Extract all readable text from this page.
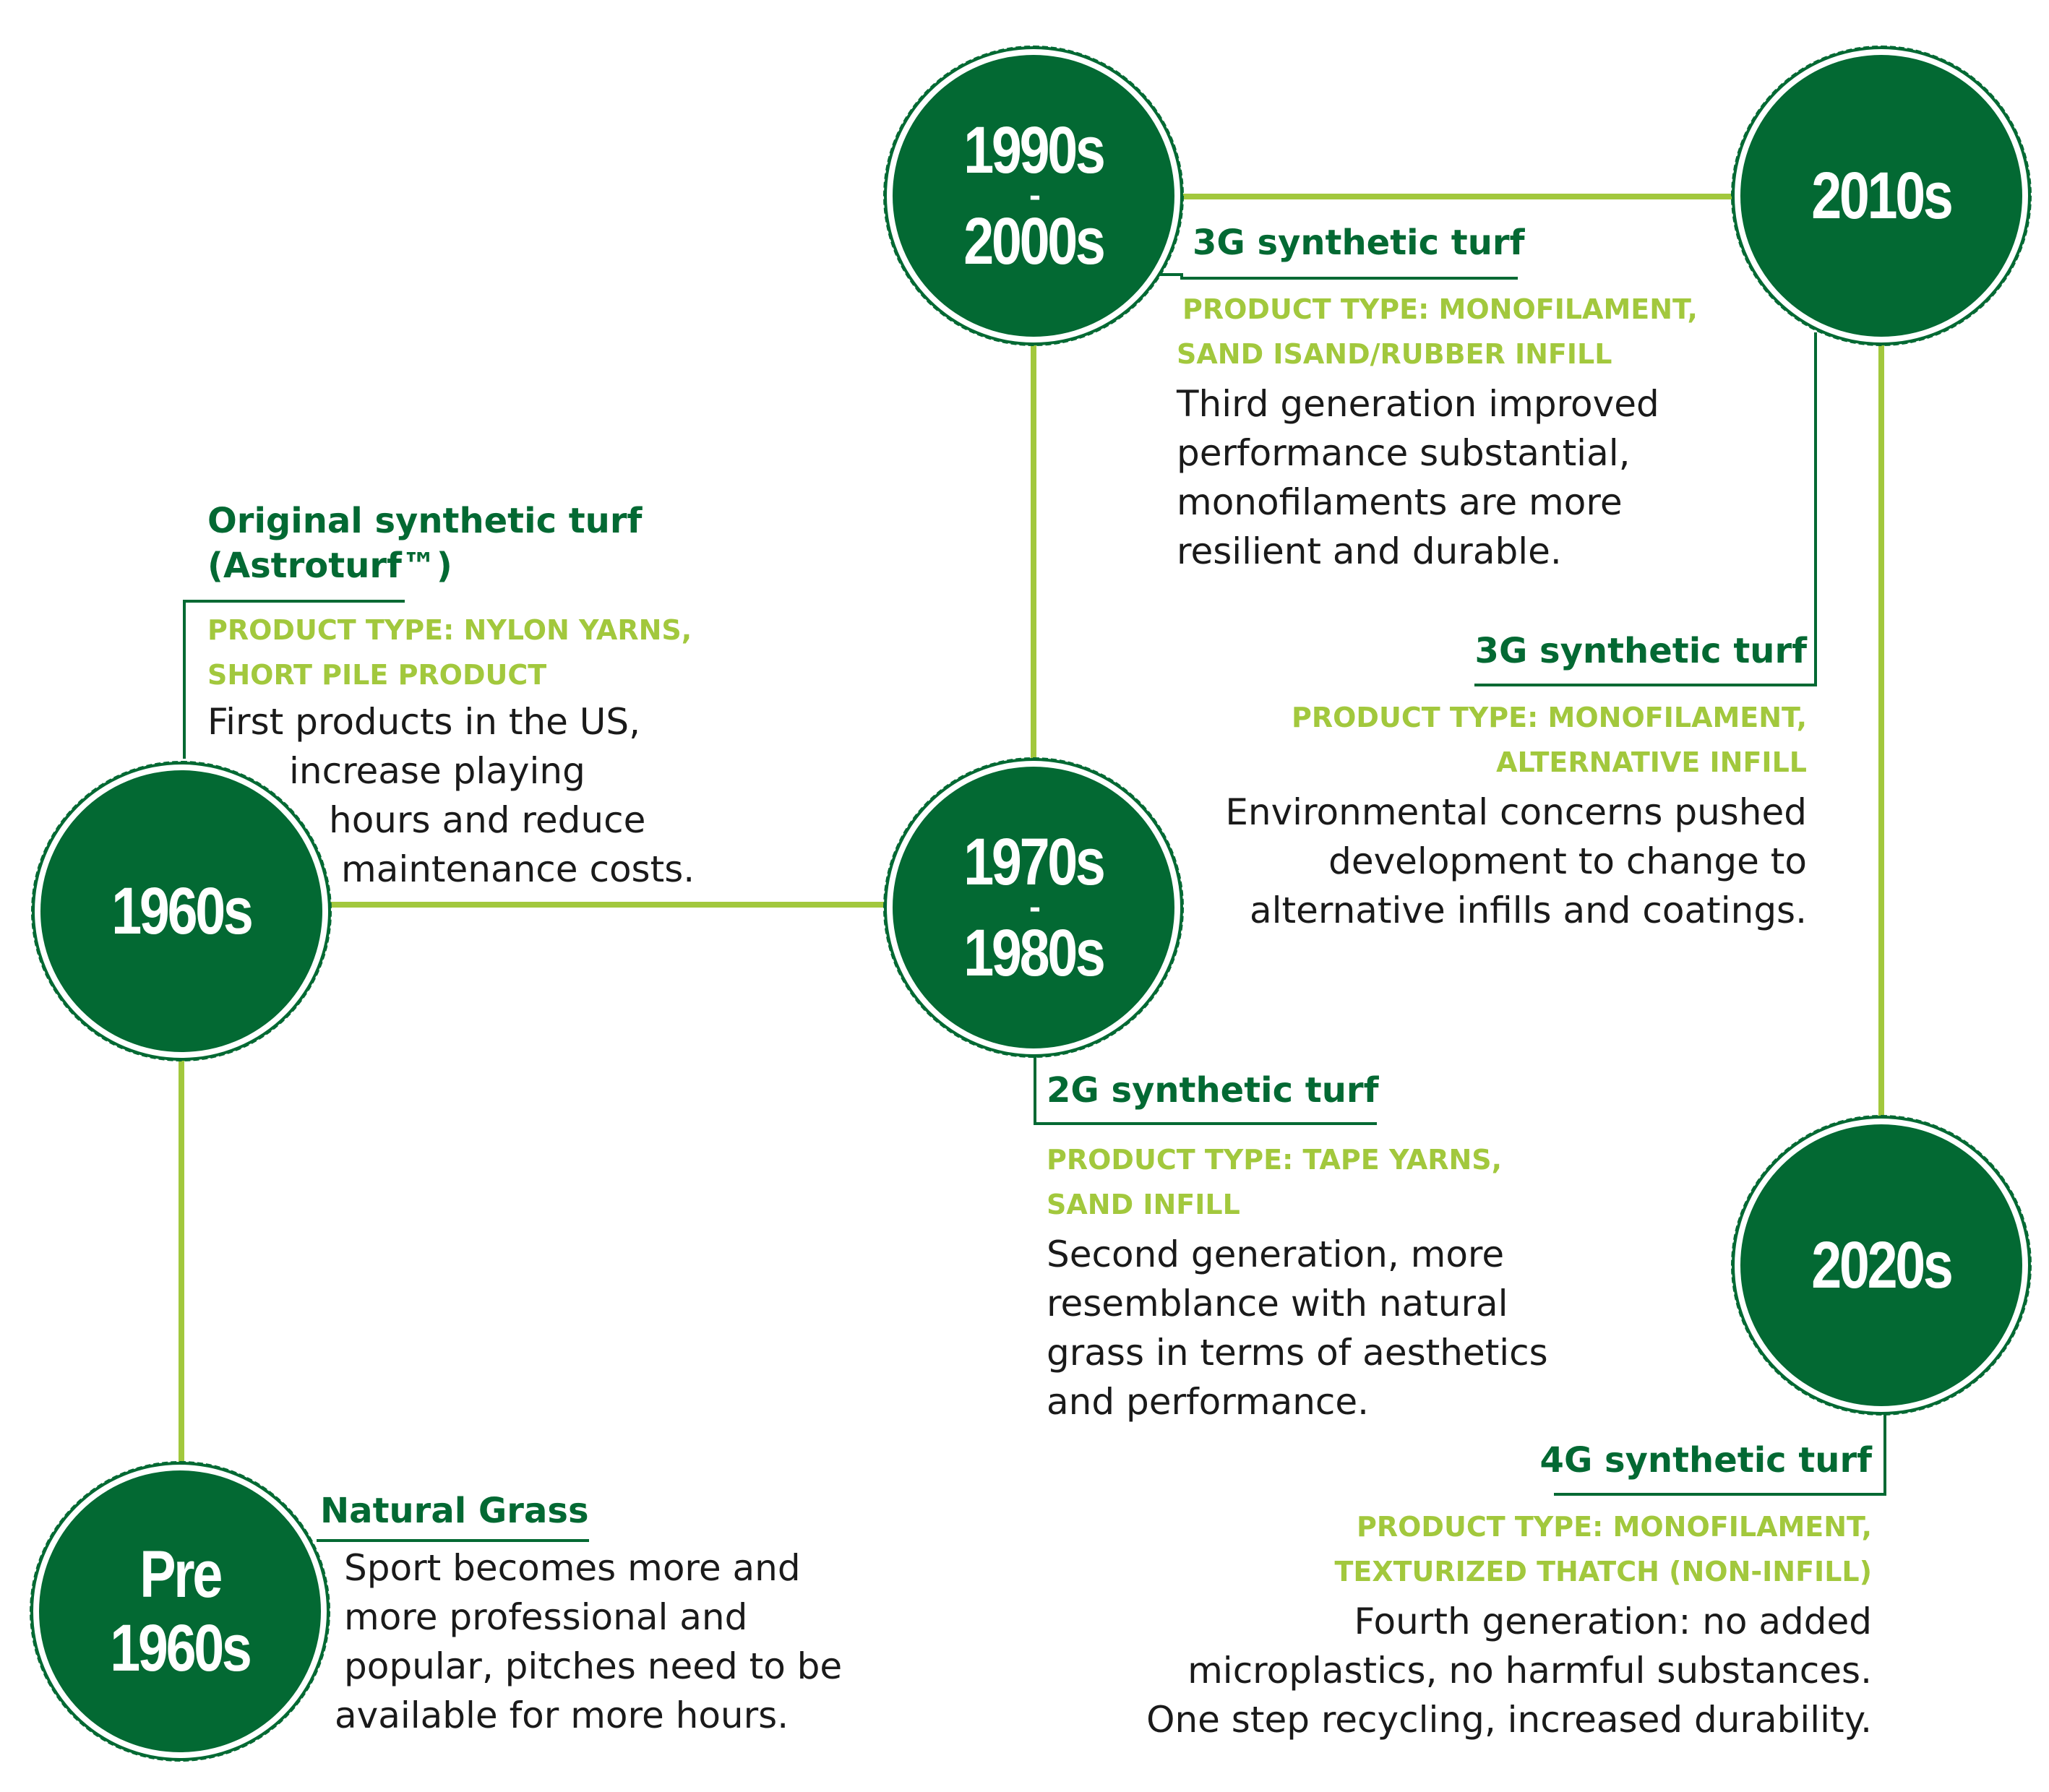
Pre
1960s
1960s
1970s
-
1980s
1990s
-
2000s
2010s
2020s
Natural Grass
Sport becomes more and
more professional and
popular, pitches need to be
available for more hours.
Original synthetic turf
(Astroturf™)
PRODUCT TYPE: NYLON YARNS,
SHORT PILE PRODUCT
First products in the US,
increase playing
hours and reduce
maintenance costs.
2G synthetic turf
PRODUCT TYPE: TAPE YARNS,
SAND INFILL
Second generation, more
resemblance with natural
grass in terms of aesthetics
and performance.
3G synthetic turf
PRODUCT TYPE: MONOFILAMENT,
SAND ISAND/RUBBER INFILL
Third generation improved
performance substantial,
monofilaments are more
resilient and durable.
3G synthetic turf
PRODUCT TYPE: MONOFILAMENT,
ALTERNATIVE INFILL
Environmental concerns pushed
development to change to
alternative infills and coatings.
4G synthetic turf
PRODUCT TYPE: MONOFILAMENT,
TEXTURIZED THATCH (NON-INFILL)
Fourth generation: no added
microplastics, no harmful substances.
One step recycling, increased durability.
